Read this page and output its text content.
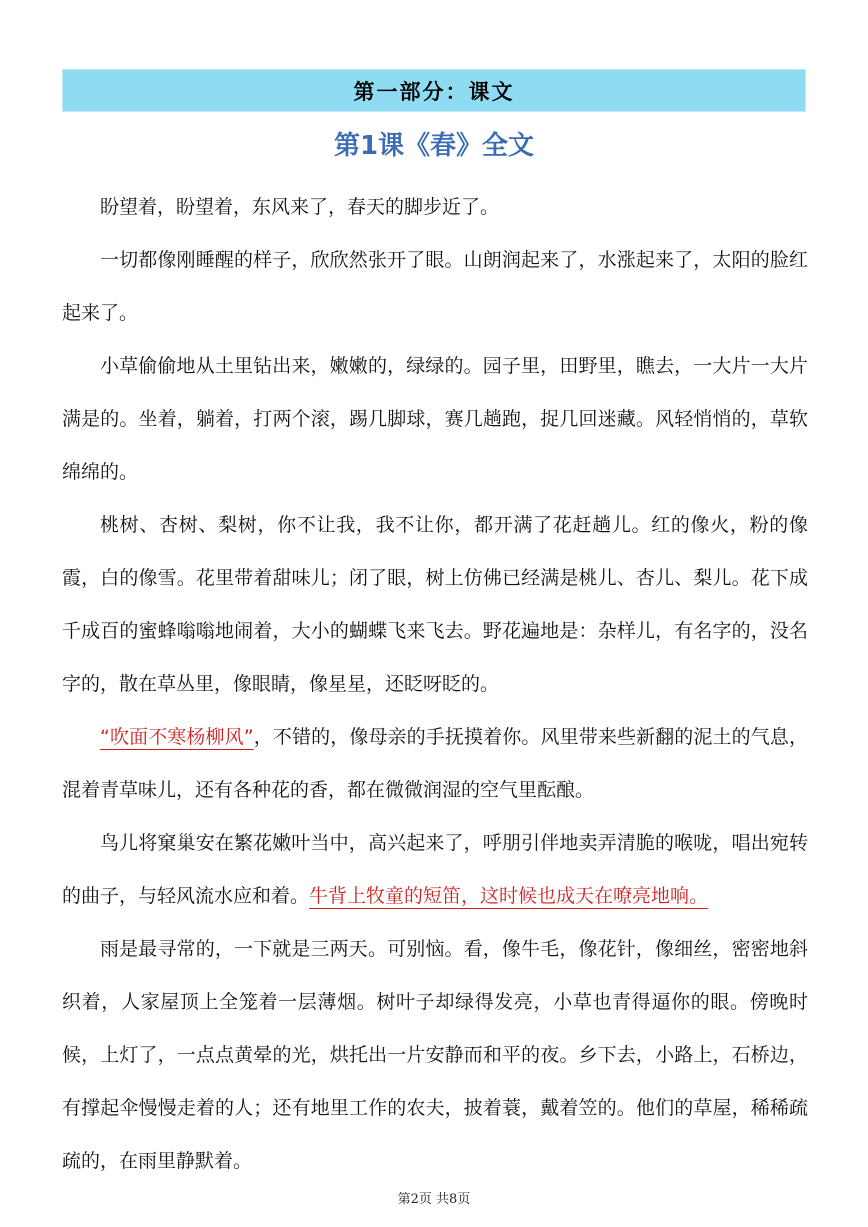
第一部分：课文
第1课《春》全文

盼望着，盼望着，东风来了，春天的脚步近了。

一切都像刚睡醒的样子，欣欣然张开了眼。山朗润起来了，水涨起来了，太阳的脸红起来了。

小草偷偷地从土里钻出来，嫩嫩的，绿绿的。园子里，田野里，瞧去，一大片一大片满是的。坐着，躺着，打两个滚，踢几脚球，赛几趟跑，捉几回迷藏。风轻悄悄的，草软绵绵的。

桃树、杏树、梨树，你不让我，我不让你，都开满了花赶趟儿。红的像火，粉的像霞，白的像雪。花里带着甜味儿；闭了眼，树上仿佛已经满是桃儿、杏儿、梨儿。花下成千成百的蜜蜂嗡嗡地闹着，大小的蝴蝶飞来飞去。野花遍地是：杂样儿，有名字的，没名字的，散在草丛里，像眼睛，像星星，还眨呀眨的。

“吹面不寒杨柳风”，不错的，像母亲的手抚摸着你。风里带来些新翻的泥土的气息，混着青草味儿，还有各种花的香，都在微微润湿的空气里酝酿。

鸟儿将窠巢安在繁花嫩叶当中，高兴起来了，呼朋引伴地卖弄清脆的喉咙，唱出宛转的曲子，与轻风流水应和着。牛背上牧童的短笛，这时候也成天在嘹亮地响。

雨是最寻常的，一下就是三两天。可别恼。看，像牛毛，像花针，像细丝，密密地斜织着，人家屋顶上全笼着一层薄烟。树叶子却绿得发亮，小草也青得逼你的眼。傍晚时候，上灯了，一点点黄晕的光，烘托出一片安静而和平的夜。乡下去，小路上，石桥边，有撑起伞慢慢走着的人；还有地里工作的农夫，披着蓑，戴着笠的。他们的草屋，稀稀疏疏的，在雨里静默着。

第2页 共8页
